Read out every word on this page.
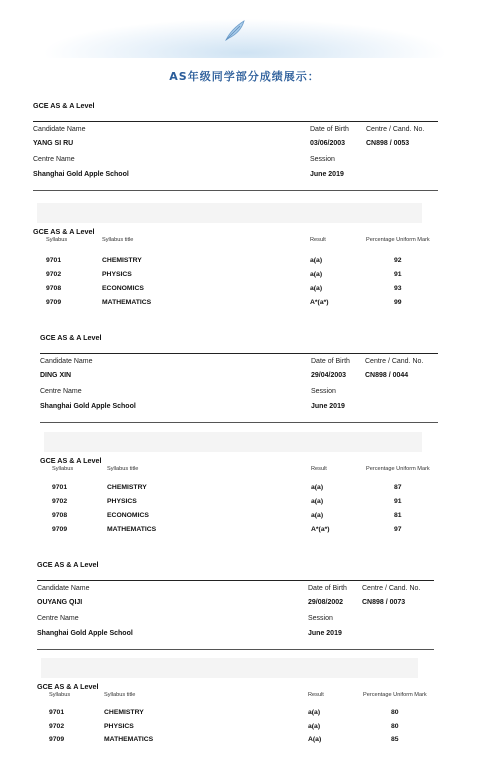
AS年级同学部分成绩展示：
GCE AS & A Level
Candidate Name	Date of Birth Centre / Cand. No.
YANG SI RU	03/06/2003	CN898 / 0053
Centre Name	Session
Shanghai Gold Apple School	June 2019
GCE AS & A Level
Syllabus	Syllabus title	Result	Percentage Uniform Mark
9701	CHEMISTRY	a(a)	92
9702	PHYSICS	a(a)	91
9708	ECONOMICS	a(a)	93
9709	MATHEMATICS	A*(a*)	99
GCE AS & A Level
Candidate Name	Date of Birth Centre / Cand. No.
DING XIN	29/04/2003	CN898 / 0044
Centre Name	Session
Shanghai Gold Apple School	June 2019
GCE AS & A Level
Syllabus	Syllabus title	Result	Percentage Uniform Mark
9701	CHEMISTRY	a(a)	87
9702	PHYSICS	a(a)	91
9708	ECONOMICS	a(a)	81
9709	MATHEMATICS	A*(a*)	97
GCE AS & A Level
Candidate Name	Date of Birth Centre / Cand. No.
OUYANG QIJI	29/08/2002	CN898 / 0073
Centre Name	Session
Shanghai Gold Apple School	June 2019
GCE AS & A Level
Syllabus	Syllabus title	Result	Percentage Uniform Mark
9701	CHEMISTRY	a(a)	80
9702	PHYSICS	a(a)	80
9709	MATHEMATICS	A(a)	85
